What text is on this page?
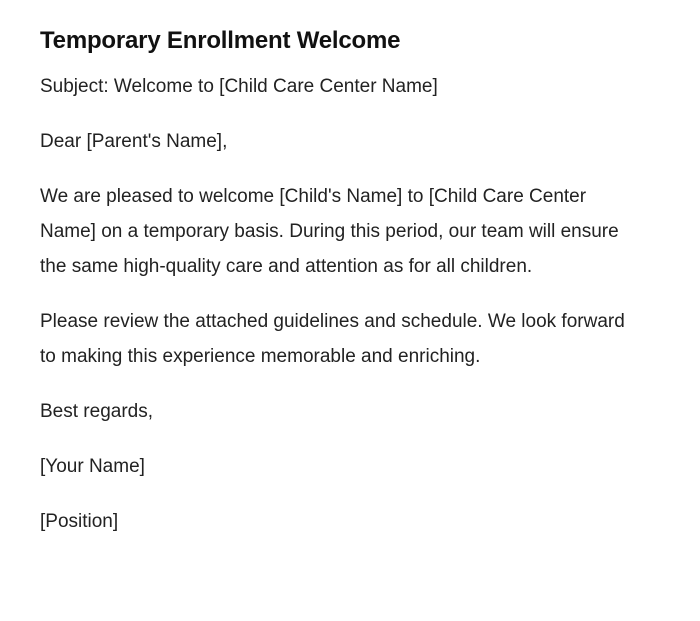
Temporary Enrollment Welcome

Subject: Welcome to [Child Care Center Name]

Dear [Parent's Name],

We are pleased to welcome [Child's Name] to [Child Care Center Name] on a temporary basis. During this period, our team will ensure the same high-quality care and attention as for all children.

Please review the attached guidelines and schedule. We look forward to making this experience memorable and enriching.

Best regards,

[Your Name]

[Position]
